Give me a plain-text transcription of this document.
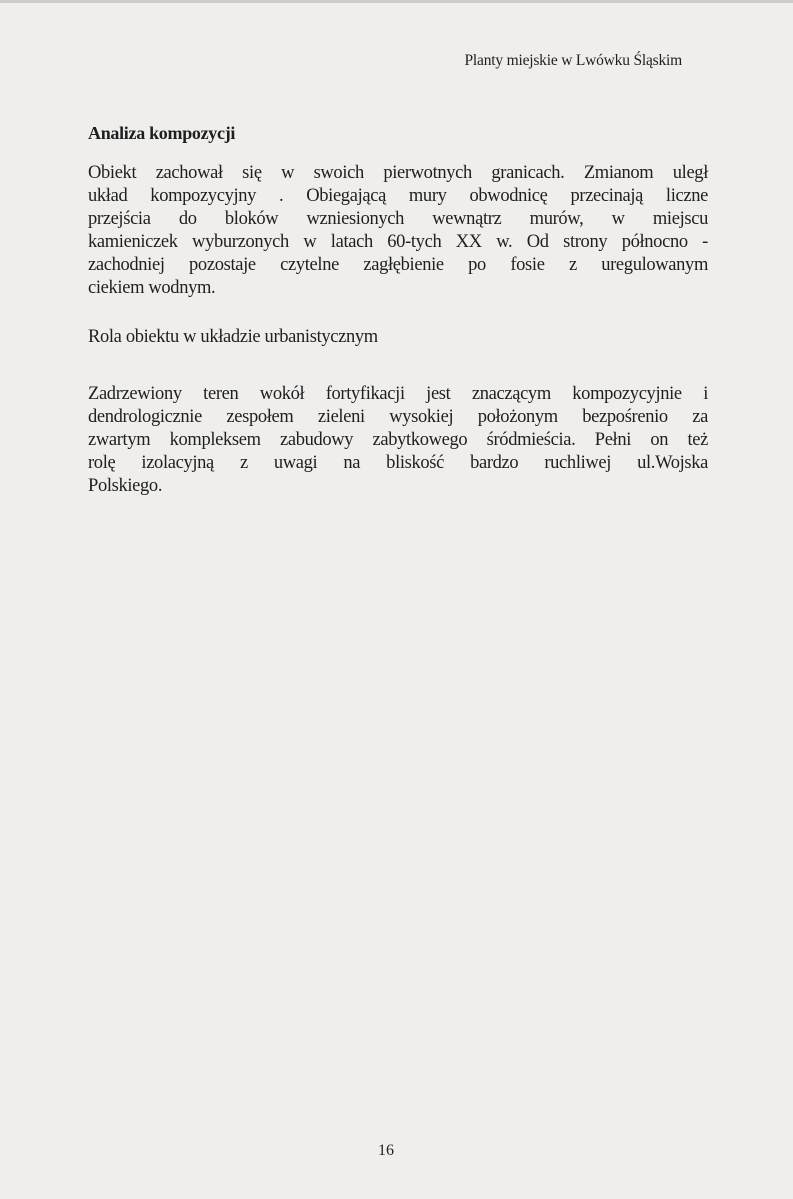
Planty miejskie w Lwówku Śląskim
Analiza kompozycji
Obiekt zachował się w swoich pierwotnych granicach. Zmianom uległ
układ kompozycyjny . Obiegającą mury obwodnicę przecinają liczne
przejścia do bloków wzniesionych wewnątrz murów, w miejscu
kamieniczek wyburzonych w latach 60-tych XX w. Od strony północno -
zachodniej pozostaje czytelne zagłębienie po fosie z uregulowanym
ciekiem wodnym.
Rola obiektu w układzie urbanistycznym
Zadrzewiony teren wokół fortyfikacji jest znaczącym kompozycyjnie i
dendrologicznie zespołem zieleni wysokiej położonym bezpośrenio za
zwartym kompleksem zabudowy zabytkowego śródmieścia. Pełni on też
rolę izolacyjną z uwagi na bliskość bardzo ruchliwej ul.Wojska
Polskiego.
16
